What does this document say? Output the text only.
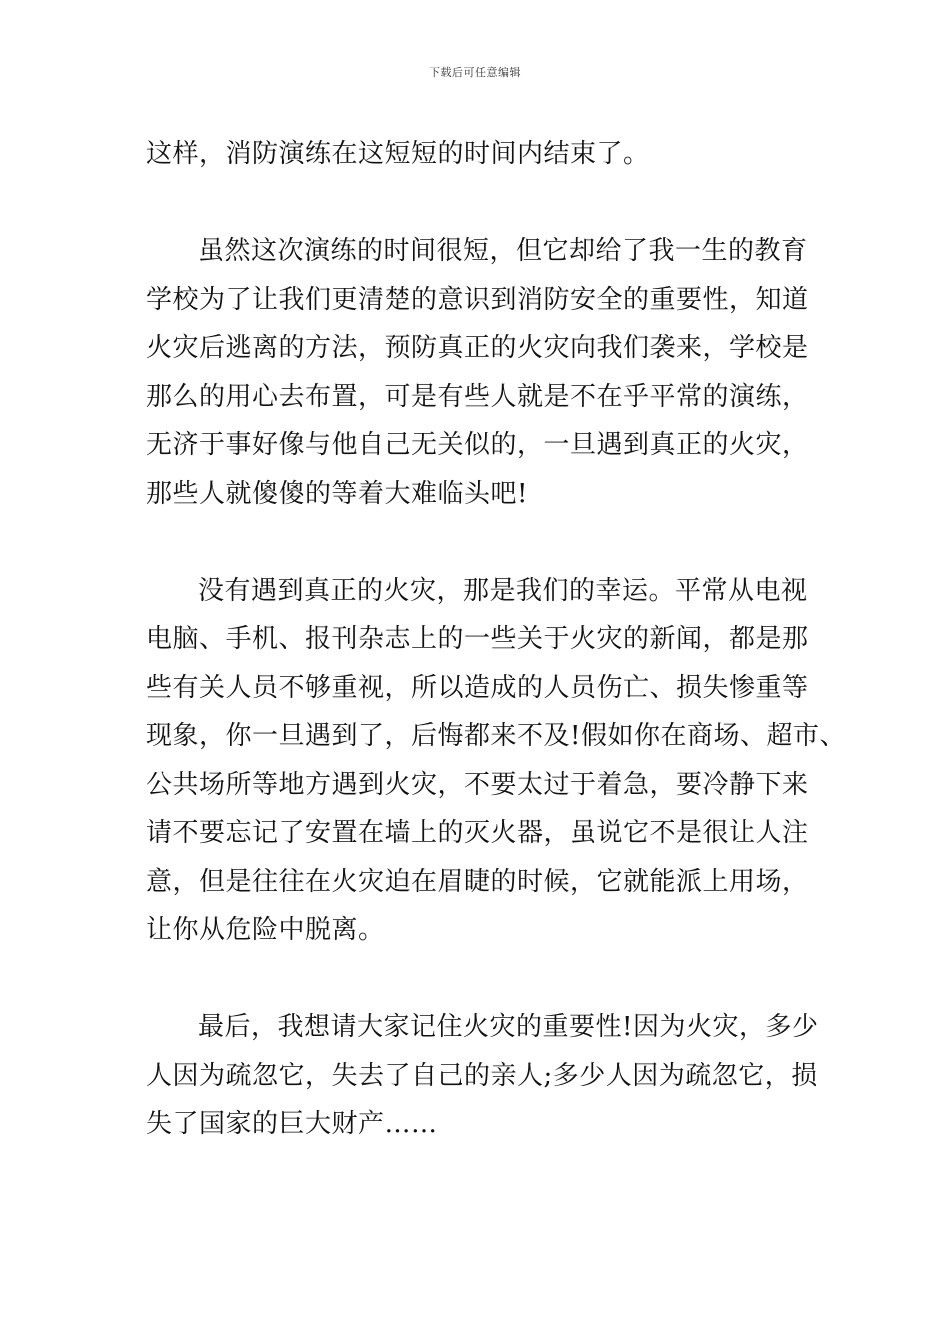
下载后可任意编辑
这样，消防演练在这短短的时间内结束了。
虽然这次演练的时间很短，但它却给了我一生的教育
学校为了让我们更清楚的意识到消防安全的重要性，知道
火灾后逃离的方法，预防真正的火灾向我们袭来，学校是
那么的用心去布置，可是有些人就是不在乎平常的演练，
无济于事好像与他自己无关似的，一旦遇到真正的火灾，
那些人就傻傻的等着大难临头吧!
没有遇到真正的火灾，那是我们的幸运。平常从电视
电脑、手机、报刊杂志上的一些关于火灾的新闻，都是那
些有关人员不够重视，所以造成的人员伤亡、损失惨重等
现象，你一旦遇到了，后悔都来不及!假如你在商场、超市、
公共场所等地方遇到火灾，不要太过于着急，要冷静下来
请不要忘记了安置在墙上的灭火器，虽说它不是很让人注
意，但是往往在火灾迫在眉睫的时候，它就能派上用场，
让你从危险中脱离。
最后，我想请大家记住火灾的重要性!因为火灾，多少
人因为疏忽它，失去了自己的亲人;多少人因为疏忽它，损
失了国家的巨大财产……
